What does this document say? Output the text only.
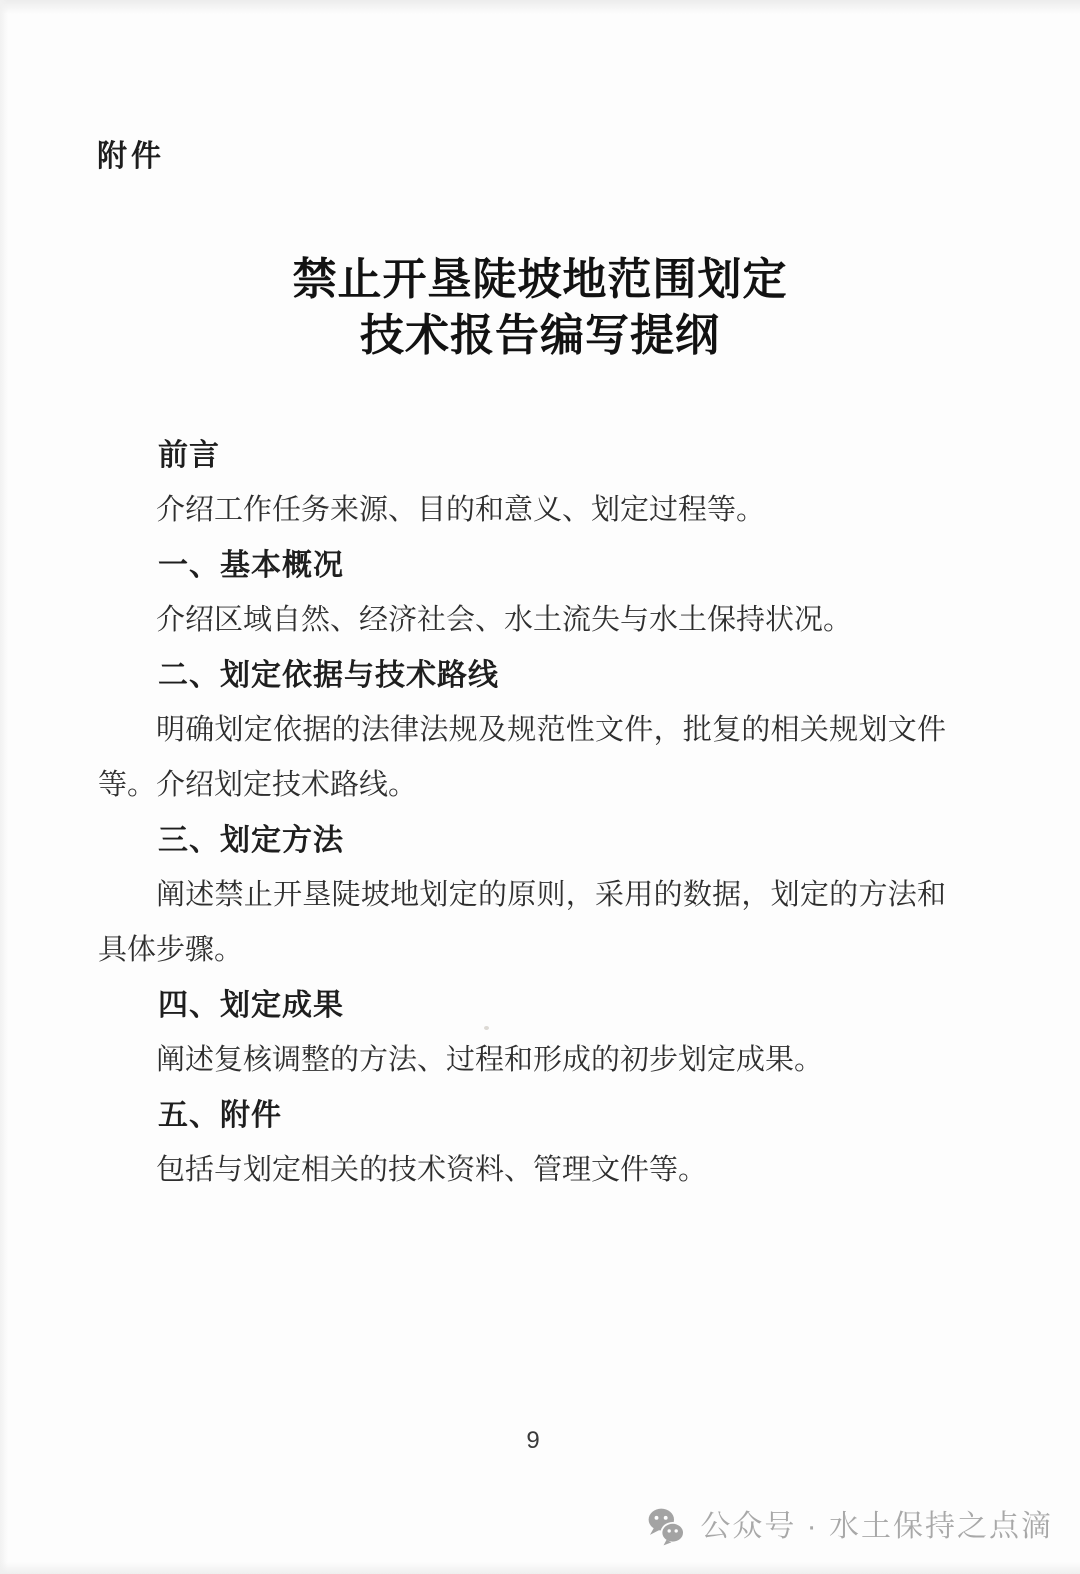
附件
禁止开垦陡坡地范围划定
技术报告编写提纲
前言

介绍工作任务来源、目的和意义、划定过程等。

一、基本概况

介绍区域自然、经济社会、水土流失与水土保持状况。

二、划定依据与技术路线

明确划定依据的法律法规及规范性文件，批复的相关规划文件等。介绍划定技术路线。

三、划定方法

阐述禁止开垦陡坡地划定的原则，采用的数据，划定的方法和具体步骤。

四、划定成果

阐述复核调整的方法、过程和形成的初步划定成果。

五、附件

包括与划定相关的技术资料、管理文件等。

9
公众号 · 水土保持之点滴
